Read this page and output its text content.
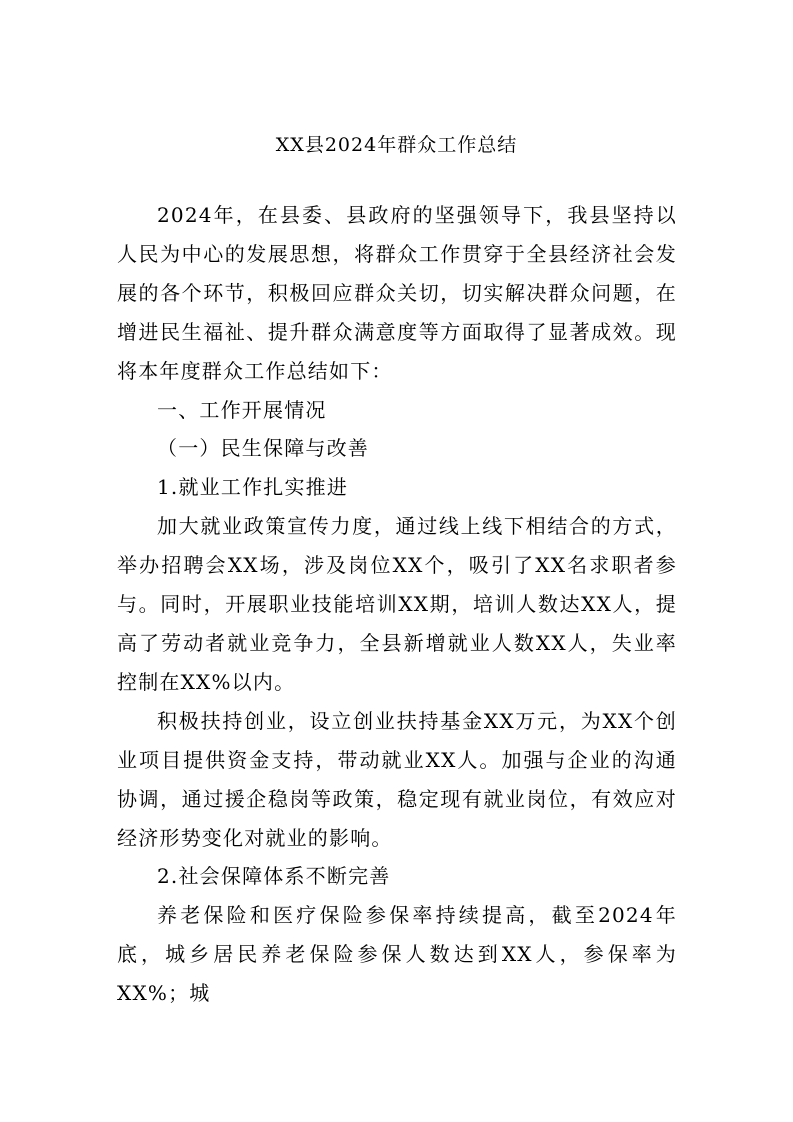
XX县2024年群众工作总结

2024年，在县委、县政府的坚强领导下，我县坚持以人民为中心的发展思想，将群众工作贯穿于全县经济社会发展的各个环节，积极回应群众关切，切实解决群众问题，在增进民生福祉、提升群众满意度等方面取得了显著成效。现将本年度群众工作总结如下：

一、工作开展情况

（一）民生保障与改善

1.就业工作扎实推进

加大就业政策宣传力度，通过线上线下相结合的方式，举办招聘会XX场，涉及岗位XX个，吸引了XX名求职者参与。同时，开展职业技能培训XX期，培训人数达XX人，提高了劳动者就业竞争力，全县新增就业人数XX人，失业率控制在XX%以内。

积极扶持创业，设立创业扶持基金XX万元，为XX个创业项目提供资金支持，带动就业XX人。加强与企业的沟通协调，通过援企稳岗等政策，稳定现有就业岗位，有效应对经济形势变化对就业的影响。

2.社会保障体系不断完善

养老保险和医疗保险参保率持续提高，截至2024年底，城乡居民养老保险参保人数达到XX人，参保率为XX%；城
